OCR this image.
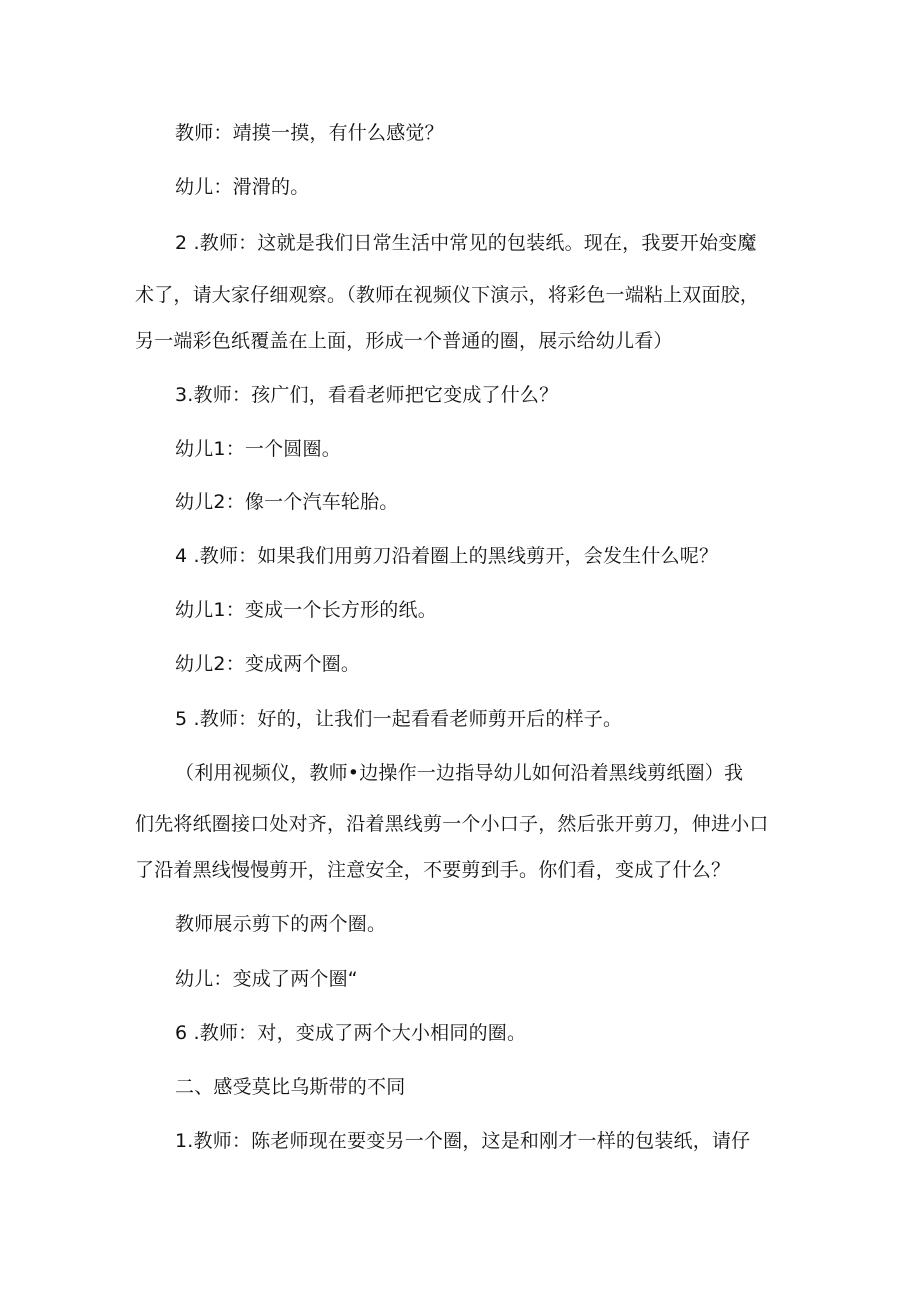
教师：靖摸一摸，有什么感觉？
幼儿：滑滑的。
2 .教师：这就是我们日常生活中常见的包装纸。现在，我要开始变魔
术了，请大家仔细观察。（教师在视频仪下演示，将彩色一端粘上双面胶，
另一端彩色纸覆盖在上面，形成一个普通的圈，展示给幼儿看）
3.教师：孩广们，看看老师把它变成了什么？
幼儿1：一个圆圈。
幼儿2：像一个汽车轮胎。
4 .教师：如果我们用剪刀沿着圈上的黑线剪开，会发生什么呢？
幼儿1：变成一个长方形的纸。
幼儿2：变成两个圈。
5 .教师：好的，让我们一起看看老师剪开后的样子。
（利用视频仪，教师•边操作一边指导幼儿如何沿着黑线剪纸圈）我
们先将纸圈接口处对齐，沿着黑线剪一个小口子，然后张开剪刀，伸进小口
了沿着黑线慢慢剪开，注意安全，不要剪到手。你们看，变成了什么？
教师展示剪下的两个圈。
幼儿：变成了两个圈“
6 .教师：对，变成了两个大小相同的圈。
二、感受莫比乌斯带的不同
1.教师：陈老师现在要变另一个圈，这是和刚才一样的包装纸，请仔
